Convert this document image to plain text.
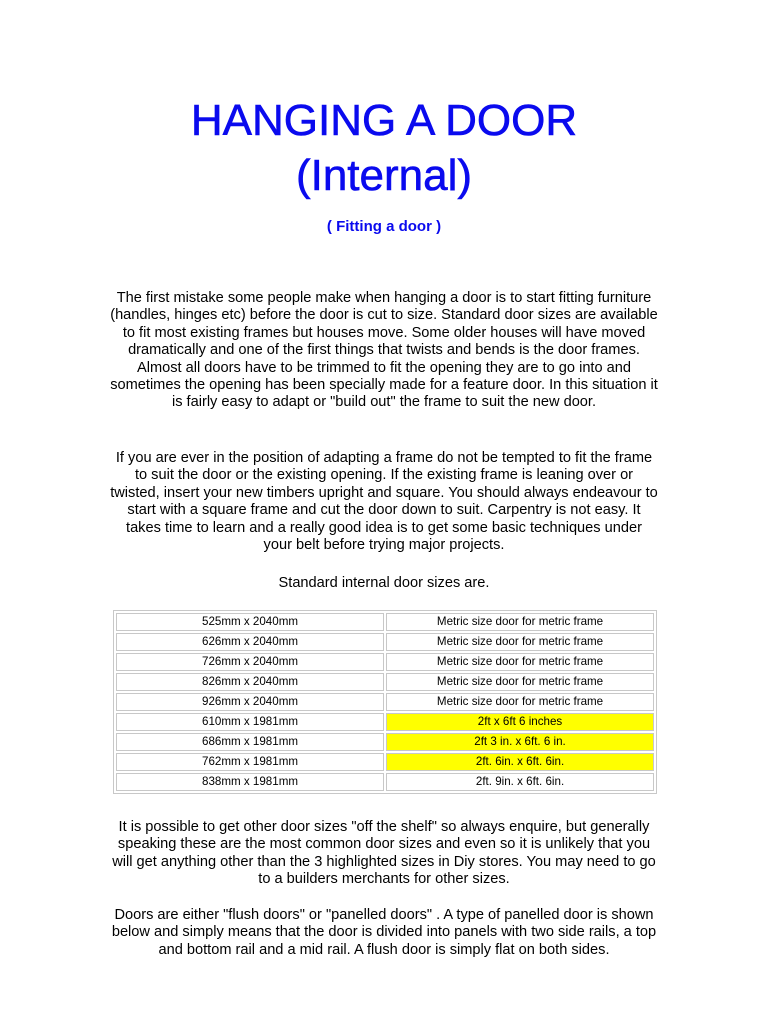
HANGING A DOOR
(Internal)
( Fitting a door )

The first mistake some people make when hanging a door is to start fitting furniture (handles, hinges etc) before the door is cut to size. Standard door sizes are available to fit most existing frames but houses move. Some older houses will have moved dramatically and one of the first things that twists and bends is the door frames. Almost all doors have to be trimmed to fit the opening they are to go into and sometimes the opening has been specially made for a feature door. In this situation it is fairly easy to adapt or "build out" the frame to suit the new door.

If you are ever in the position of adapting a frame do not be tempted to fit the frame to suit the door or the existing opening. If the existing frame is leaning over or twisted, insert your new timbers upright and square. You should always endeavour to start with a square frame and cut the door down to suit. Carpentry is not easy. It takes time to learn and a really good idea is to get some basic techniques under your belt before trying major projects.

Standard internal door sizes are.

525mm x 2040mm	Metric size door for metric frame
626mm x 2040mm	Metric size door for metric frame
726mm x 2040mm	Metric size door for metric frame
826mm x 2040mm	Metric size door for metric frame
926mm x 2040mm	Metric size door for metric frame
610mm x 1981mm	2ft x 6ft 6 inches
686mm x 1981mm	2ft 3 in. x 6ft. 6 in.
762mm x 1981mm	2ft. 6in. x 6ft. 6in.
838mm x 1981mm	2ft. 9in. x 6ft. 6in.

It is possible to get other door sizes "off the shelf" so always enquire, but generally speaking these are the most common door sizes and even so it is unlikely that you will get anything other than the 3 highlighted sizes in Diy stores. You may need to go to a builders merchants for other sizes.

Doors are either "flush doors" or "panelled doors" . A type of panelled door is shown below and simply means that the door is divided into panels with two side rails, a top and bottom rail and a mid rail. A flush door is simply flat on both sides.
